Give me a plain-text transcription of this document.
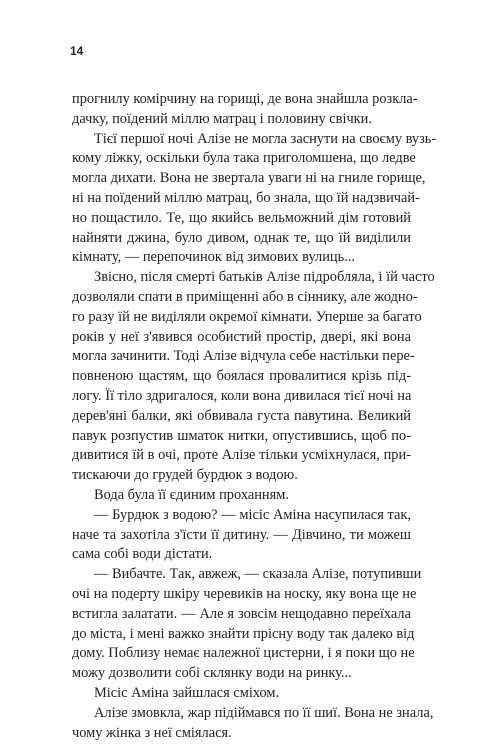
14
прогнилу комірчину на горищі, де вона знайшла розкла-
дачку, поїдений міллю матрац і половину свічки.
Тієї першої ночі Алізе не могла заснути на своєму вузь-
кому ліжку, оскільки була така приголомшена, що ледве
могла дихати. Вона не звертала уваги ні на гниле горище,
ні на поїдений міллю матрац, бо знала, що їй надзвичай-
но пощастило. Те, що якийсь вельможний дім готовий
найняти джина, було дивом, однак те, що їй виділили
кімнату, — перепочинок від зимових вулиць...
Звісно, після смерті батьків Алізе підробляла, і їй часто
дозволяли спати в приміщенні або в сіннику, але жодно-
го разу їй не виділяли окремої кімнати. Уперше за багато
років у неї з'явився особистий простір, двері, які вона
могла зачинити. Тоді Алізе відчула себе настільки пере-
повненою щастям, що боялася провалитися крізь під-
логу. Її тіло здригалося, коли вона дивилася тієї ночі на
дерев'яні балки, які обвивала густа павутина. Великий
павук розпустив шматок нитки, опустившись, щоб по-
дивитися їй в очі, проте Алізе тільки усміхнулася, при-
тискаючи до грудей бурдюк з водою.
Вода була її єдиним проханням.
— Бурдюк з водою? — місіс Аміна насупилася так,
наче та захотіла з'їсти її дитину. — Дівчино, ти можеш
сама собі води дістати.
— Вибачте. Так, авжеж, — сказала Алізе, потупивши
очі на подерту шкіру черевиків на носку, яку вона ще не
встигла залатати. — Але я зовсім нещодавно переїхала
до міста, і мені важко знайти прісну воду так далеко від
дому. Поблизу немає належної цистерни, і я поки що не
можу дозволити собі склянку води на ринку...
Місіс Аміна зайшлася сміхом.
Алізе змовкла, жар підіймався по її шиї. Вона не знала,
чому жінка з неї сміялася.
